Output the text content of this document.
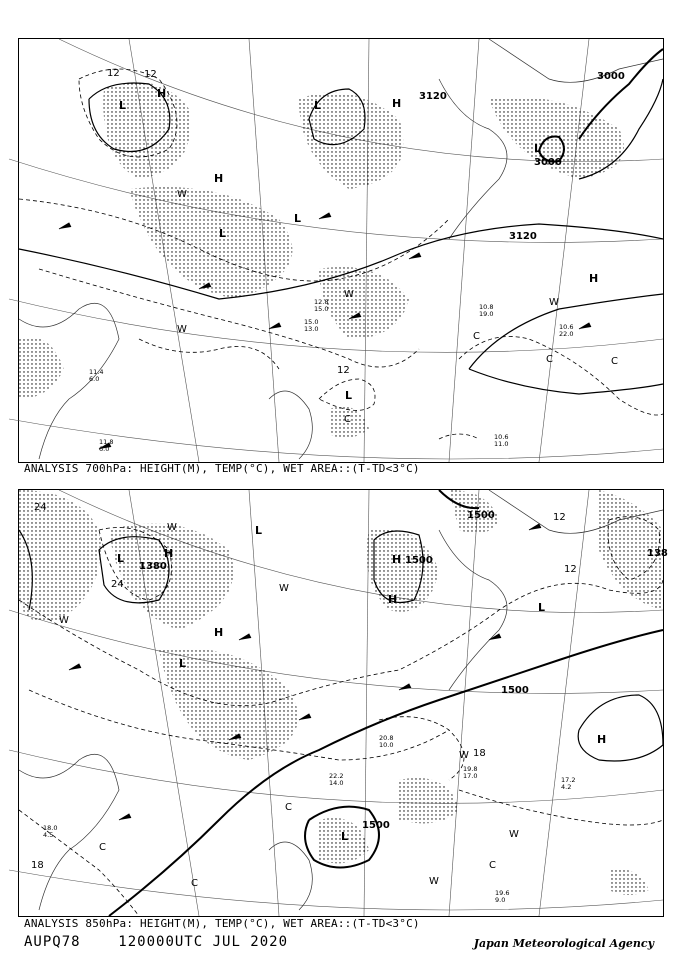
3120
3120
3000
3000
12 12
12
L
H
L	H
L
H
L
L
L
H
W
W
W
W
C
C	C
C
10.8 19.0
10.6 22.0
10.6 11.0
11.8 6.0
11.4 6.0
12.8 15.0
15.0 13.0
ANALYSIS 700hPa: HEIGHT(M), TEMP(°C), WET AREA::(T-TD<3°C)
1500
1500
1500
1500
1380
138
24
24
12
12
18
18
L	H
L
H
H
L
L
H
L
H
W
W
W
W
W
W
C
C
C
C
19.8 17.0	17.2 4.2
19.6 9.0
20.8 10.0
22.2 14.0
18.0 4.5
ANALYSIS 850hPa: HEIGHT(M), TEMP(°C), WET AREA::(T-TD<3°C)
AUPQ78	120000UTC JUL 2020	Japan Meteorological Agency
